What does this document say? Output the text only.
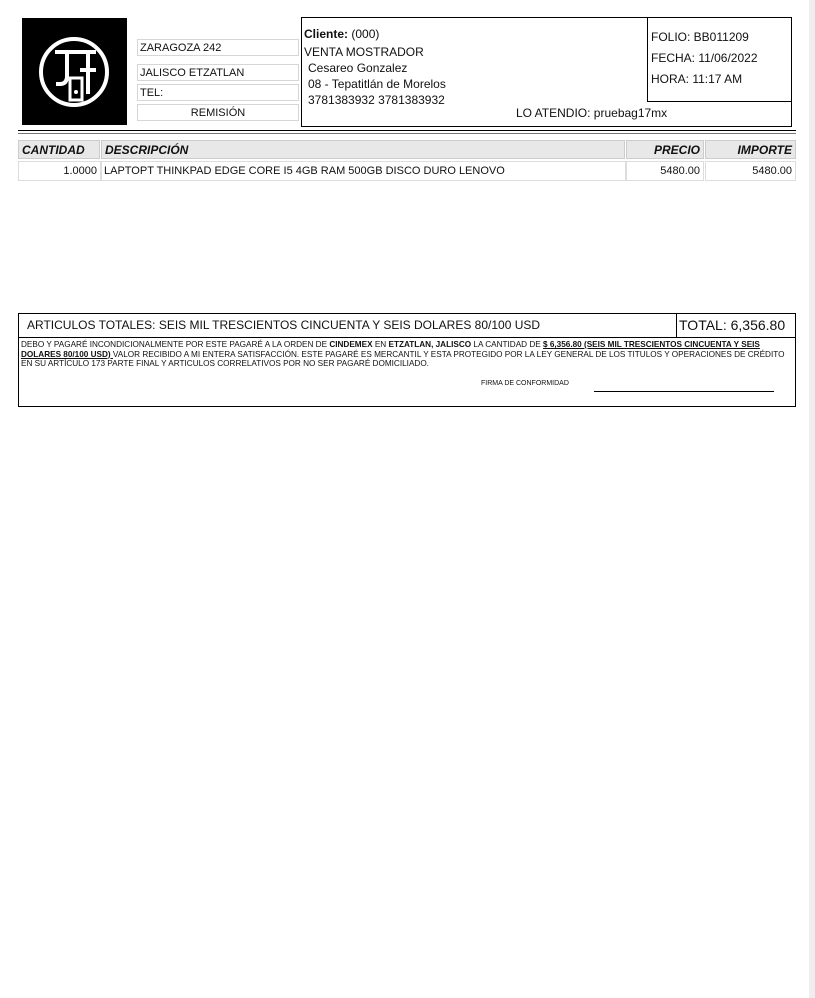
ZARAGOZA 242
JALISCO ETZATLAN
TEL:
REMISIÓN
Cliente: (000)
VENTA MOSTRADOR
Cesareo Gonzalez
08 - Tepatitlán de Morelos
3781383932 3781383932
LO ATENDIO: pruebag17mx
FOLIO: BB011209
FECHA: 11/06/2022
HORA: 11:17 AM
CANTIDAD	DESCRIPCIÓN	PRECIO	IMPORTE
1.0000 LAPTOPT THINKPAD EDGE CORE I5 4GB RAM 500GB DISCO DURO LENOVO	5480.00	5480.00
ARTICULOS TOTALES: SEIS MIL TRESCIENTOS CINCUENTA Y SEIS DOLARES 80/100 USD	TOTAL: 6,356.80
DEBO Y PAGARÉ INCONDICIONALMENTE POR ESTE PAGARÉ A LA ORDEN DE CINDEMEX EN ETZATLAN, JALISCO LA CANTIDAD DE $ 6,356.80 (SEIS MIL TRESCIENTOS CINCUENTA Y SEIS DOLARES 80/100 USD) VALOR RECIBIDO A MI ENTERA SATISFACCIÓN. ESTE PAGARÉ ES MERCANTIL Y ESTA PROTEGIDO POR LA LEY GENERAL DE LOS TITULOS Y OPERACIONES DE CRÉDITO EN SU ARTÍCULO 173 PARTE FINAL Y ARTICULOS CORRELATIVOS POR NO SER PAGARÉ DOMICILIADO.
FIRMA DE CONFORMIDAD
